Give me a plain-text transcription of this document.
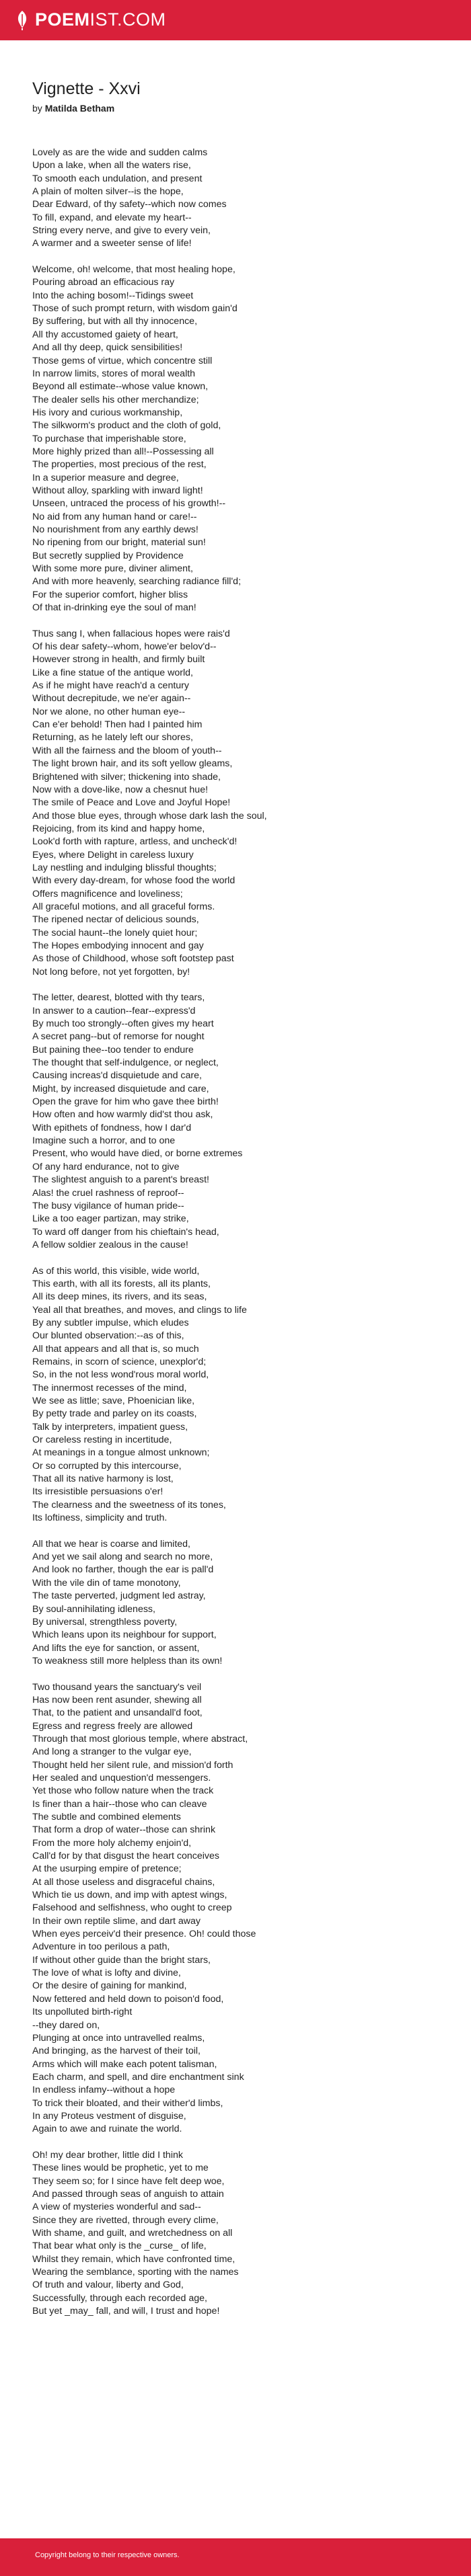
POEMIST.COM
Vignette - Xxvi
by Matilda Betham
Lovely as are the wide and sudden calms
Upon a lake, when all the waters rise,
To smooth each undulation, and present
A plain of molten silver--is the hope,
Dear Edward, of thy safety--which now comes
To fill, expand, and elevate my heart--
String every nerve, and give to every vein,
A warmer and a sweeter sense of life!
Welcome, oh! welcome, that most healing hope,
Pouring abroad an efficacious ray
Into the aching bosom!--Tidings sweet
Those of such prompt return, with wisdom gain'd
By suffering, but with all thy innocence,
All thy accustomed gaiety of heart,
And all thy deep, quick sensibilities!
Those gems of virtue, which concentre still
In narrow limits, stores of moral wealth
Beyond all estimate--whose value known,
The dealer sells his other merchandize;
His ivory and curious workmanship,
The silkworm's product and the cloth of gold,
To purchase that imperishable store,
More highly prized than all!--Possessing all
The properties, most precious of the rest,
In a superior measure and degree,
Without alloy, sparkling with inward light!
Unseen, untraced the process of his growth!--
No aid from any human hand or care!--
No nourishment from any earthly dews!
No ripening from our bright, material sun!
But secretly supplied by Providence
With some more pure, diviner aliment,
And with more heavenly, searching radiance fill'd;
For the superior comfort, higher bliss
Of that in-drinking eye the soul of man!
Thus sang I, when fallacious hopes were rais'd
Of his dear safety--whom, howe'er belov'd--
However strong in health, and firmly built
Like a fine statue of the antique world,
As if he might have reach'd a century
Without decrepitude, we ne'er again--
Nor we alone, no other human eye--
Can e'er behold! Then had I painted him
Returning, as he lately left our shores,
With all the fairness and the bloom of youth--
The light brown hair, and its soft yellow gleams,
Brightened with silver; thickening into shade,
Now with a dove-like, now a chesnut hue!
The smile of Peace and Love and Joyful Hope!
And those blue eyes, through whose dark lash the soul,
Rejoicing, from its kind and happy home,
Look'd forth with rapture, artless, and uncheck'd!
Eyes, where Delight in careless luxury
Lay nestling and indulging blissful thoughts;
With every day-dream, for whose food the world
Offers magnificence and loveliness;
All graceful motions, and all graceful forms.
The ripened nectar of delicious sounds,
The social haunt--the lonely quiet hour;
The Hopes embodying innocent and gay
As those of Childhood, whose soft footstep past
Not long before, not yet forgotten, by!
The letter, dearest, blotted with thy tears,
In answer to a caution--fear--express'd
By much too strongly--often gives my heart
A secret pang--but of remorse for nought
But paining thee--too tender to endure
The thought that self-indulgence, or neglect,
Causing increas'd disquietude and care,
Might, by increased disquietude and care,
Open the grave for him who gave thee birth!
How often and how warmly did'st thou ask,
With epithets of fondness, how I dar'd
Imagine such a horror, and to one
Present, who would have died, or borne extremes
Of any hard endurance, not to give
The slightest anguish to a parent's breast!
Alas! the cruel rashness of reproof--
The busy vigilance of human pride--
Like a too eager partizan, may strike,
To ward off danger from his chieftain's head,
A fellow soldier zealous in the cause!
As of this world, this visible, wide world,
This earth, with all its forests, all its plants,
All its deep mines, its rivers, and its seas,
Yeal all that breathes, and moves, and clings to life
By any subtler impulse, which eludes
Our blunted observation:--as of this,
All that appears and all that is, so much
Remains, in scorn of science, unexplor'd;
So, in the not less wond'rous moral world,
The innermost recesses of the mind,
We see as little; save, Phoenician like,
By petty trade and parley on its coasts,
Talk by interpreters, impatient guess,
Or careless resting in incertitude,
At meanings in a tongue almost unknown;
Or so corrupted by this intercourse,
That all its native harmony is lost,
Its irresistible persuasions o'er!
The clearness and the sweetness of its tones,
Its loftiness, simplicity and truth.
All that we hear is coarse and limited,
And yet we sail along and search no more,
And look no farther, though the ear is pall'd
With the vile din of tame monotony,
The taste perverted, judgment led astray,
By soul-annihilating idleness,
By universal, strengthless poverty,
Which leans upon its neighbour for support,
And lifts the eye for sanction, or assent,
To weakness still more helpless than its own!
Two thousand years the sanctuary's veil
Has now been rent asunder, shewing all
That, to the patient and unsandall'd foot,
Egress and regress freely are allowed
Through that most glorious temple, where abstract,
And long a stranger to the vulgar eye,
Thought held her silent rule, and mission'd forth
Her sealed and unquestion'd messengers.
Yet those who follow nature when the track
Is finer than a hair--those who can cleave
The subtle and combined elements
That form a drop of water--those can shrink
From the more holy alchemy enjoin'd,
Call'd for by that disgust the heart conceives
At the usurping empire of pretence;
At all those useless and disgraceful chains,
Which tie us down, and imp with aptest wings,
Falsehood and selfishness, who ought to creep
In their own reptile slime, and dart away
When eyes perceiv'd their presence. Oh! could those
Adventure in too perilous a path,
If without other guide than the bright stars,
The love of what is lofty and divine,
Or the desire of gaining for mankind,
Now fettered and held down to poison'd food,
Its unpolluted birth-right
--they dared on,
Plunging at once into untravelled realms,
And bringing, as the harvest of their toil,
Arms which will make each potent talisman,
Each charm, and spell, and dire enchantment sink
In endless infamy--without a hope
To trick their bloated, and their wither'd limbs,
In any Proteus vestment of disguise,
Again to awe and ruinate the world.
Oh! my dear brother, little did I think
These lines would be prophetic, yet to me
They seem so; for I since have felt deep woe,
And passed through seas of anguish to attain
A view of mysteries wonderful and sad--
Since they are rivetted, through every clime,
With shame, and guilt, and wretchedness on all
That bear what only is the _curse_ of life,
Whilst they remain, which have confronted time,
Wearing the semblance, sporting with the names
Of truth and valour, liberty and God,
Successfully, through each recorded age,
But yet _may_ fall, and will, I trust and hope!
Copyright belong to their respective owners.
